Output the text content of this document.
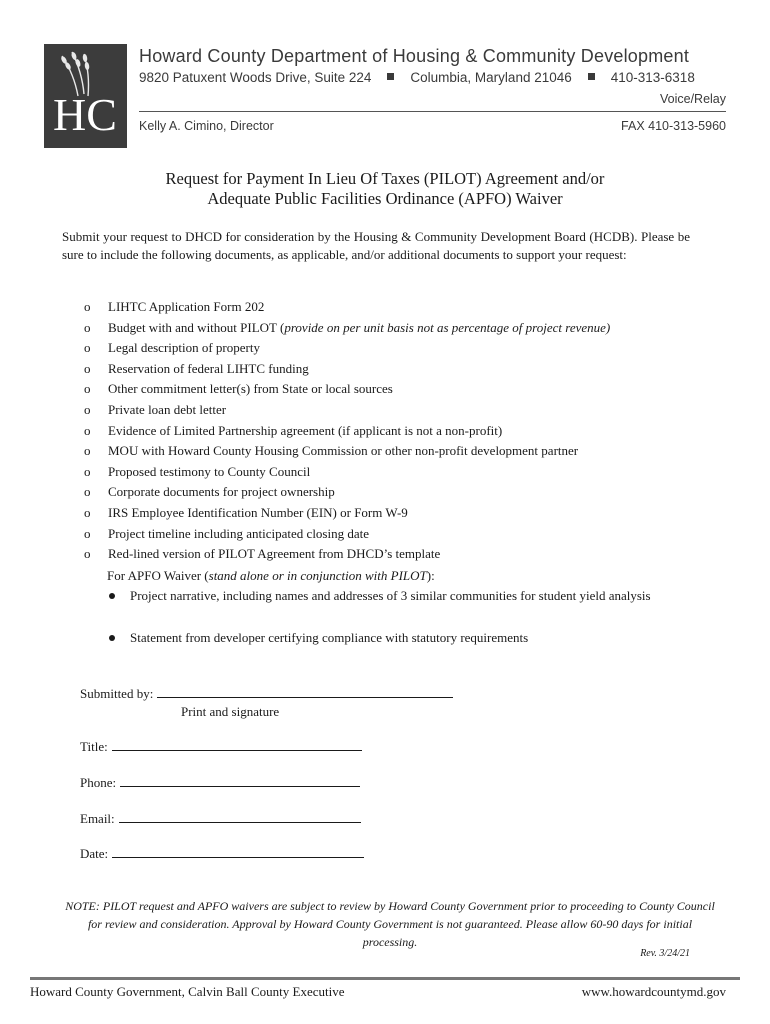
HC
Howard County Department of Housing & Community Development
9820 Patuxent Woods Drive, Suite 224	Columbia, Maryland 21046	410-313-6318
Voice/Relay
Kelly A. Cimino, Director	FAX 410-313-5960
Request for Payment In Lieu Of Taxes (PILOT) Agreement and/or
Adequate Public Facilities Ordinance (APFO) Waiver
Submit your request to DHCD for consideration by the Housing & Community Development Board (HCDB). Please be sure to include the following documents, as applicable, and/or additional documents to support your request:
o LIHTC Application Form 202
o Budget with and without PILOT (provide on per unit basis not as percentage of project revenue)
o Legal description of property
o Reservation of federal LIHTC funding
o Other commitment letter(s) from State or local sources
o Private loan debt letter
o Evidence of Limited Partnership agreement (if applicant is not a non-profit)
o MOU with Howard County Housing Commission or other non-profit development partner
o Proposed testimony to County Council
o Corporate documents for project ownership
o IRS Employee Identification Number (EIN) or Form W-9
o Project timeline including anticipated closing date
o Red-lined version of PILOT Agreement from DHCD’s template
For APFO Waiver (stand alone or in conjunction with PILOT):
Project narrative, including names and addresses of 3 similar communities for student yield analysis
Statement from developer certifying compliance with statutory requirements
Submitted by:
Print and signature
Title:
Phone:
Email:
Date:
NOTE: PILOT request and APFO waivers are subject to review by Howard County Government prior to proceeding to County Council for review and consideration. Approval by Howard County Government is not guaranteed. Please allow 60-90 days for initial processing.
Rev. 3/24/21
Howard County Government, Calvin Ball County Executive	www.howardcountymd.gov
